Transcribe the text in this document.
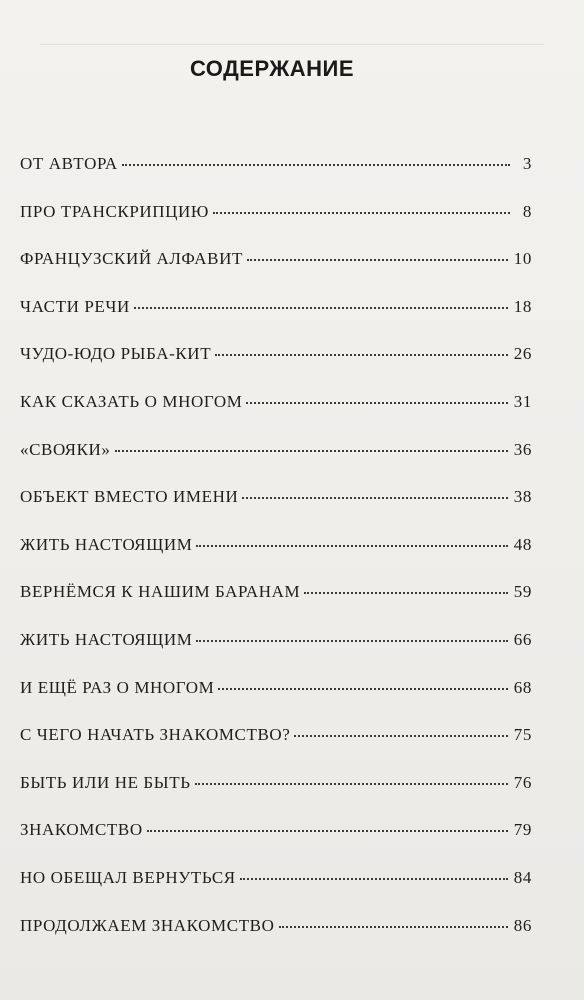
СОДЕРЖАНИЕ
ОТ АВТОРА	3
ПРО ТРАНСКРИПЦИЮ	8
ФРАНЦУЗСКИЙ АЛФАВИТ	10
ЧАСТИ РЕЧИ	18
ЧУДО-ЮДО РЫБА-КИТ	26
КАК СКАЗАТЬ О МНОГОМ	31
«СВОЯКИ»	36
ОБЪЕКТ ВМЕСТО ИМЕНИ	38
ЖИТЬ НАСТОЯЩИМ	48
ВЕРНЁМСЯ К НАШИМ БАРАНАМ	59
ЖИТЬ НАСТОЯЩИМ	66
И ЕЩЁ РАЗ О МНОГОМ	68
С ЧЕГО НАЧАТЬ ЗНАКОМСТВО?	75
БЫТЬ ИЛИ НЕ БЫТЬ	76
ЗНАКОМСТВО	79
НО ОБЕЩАЛ ВЕРНУТЬСЯ	84
ПРОДОЛЖАЕМ ЗНАКОМСТВО	86
